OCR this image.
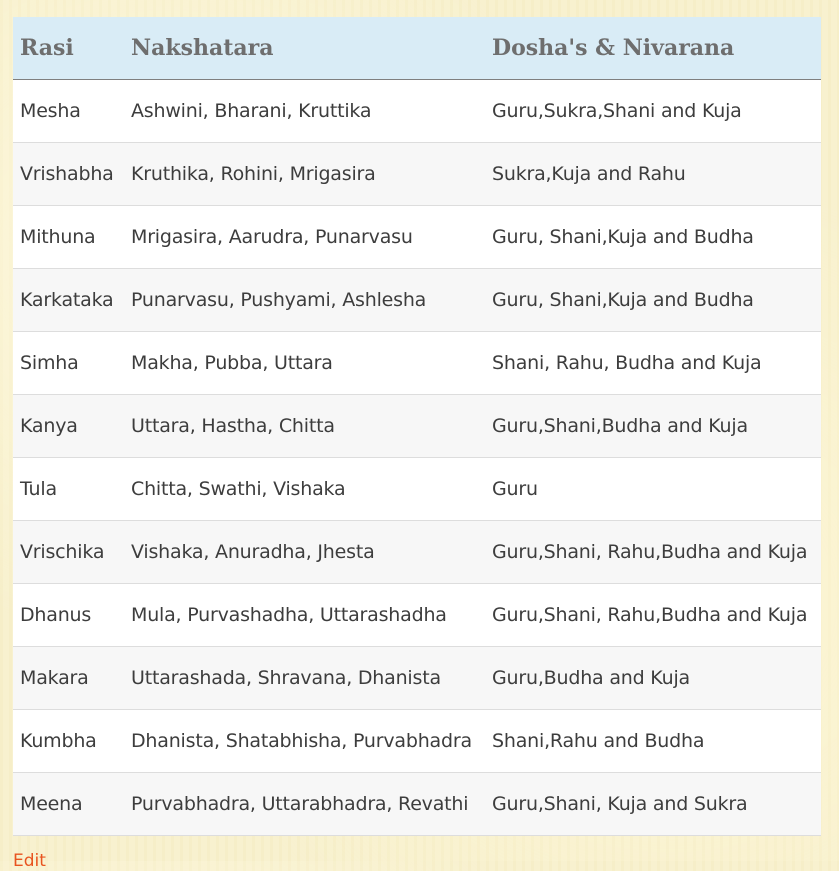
Rasi	Nakshatara	Dosha's & Nivarana
Mesha	Ashwini, Bharani, Kruttika	Guru,Sukra,Shani and Kuja
Vrishabha	Kruthika, Rohini, Mrigasira	Sukra,Kuja and Rahu
Mithuna	Mrigasira, Aarudra, Punarvasu	Guru, Shani,Kuja and Budha
Karkataka	Punarvasu, Pushyami, Ashlesha	Guru, Shani,Kuja and Budha
Simha	Makha, Pubba, Uttara	Shani, Rahu, Budha and Kuja
Kanya	Uttara, Hastha, Chitta	Guru,Shani,Budha and Kuja
Tula	Chitta, Swathi, Vishaka	Guru
Vrischika	Vishaka, Anuradha, Jhesta	Guru,Shani, Rahu,Budha and Kuja
Dhanus	Mula, Purvashadha, Uttarashadha	Guru,Shani, Rahu,Budha and Kuja
Makara	Uttarashada, Shravana, Dhanista	Guru,Budha and Kuja
Kumbha	Dhanista, Shatabhisha, Purvabhadra	Shani,Rahu and Budha
Meena	Purvabhadra, Uttarabhadra, Revathi	Guru,Shani, Kuja and Sukra
Edit
